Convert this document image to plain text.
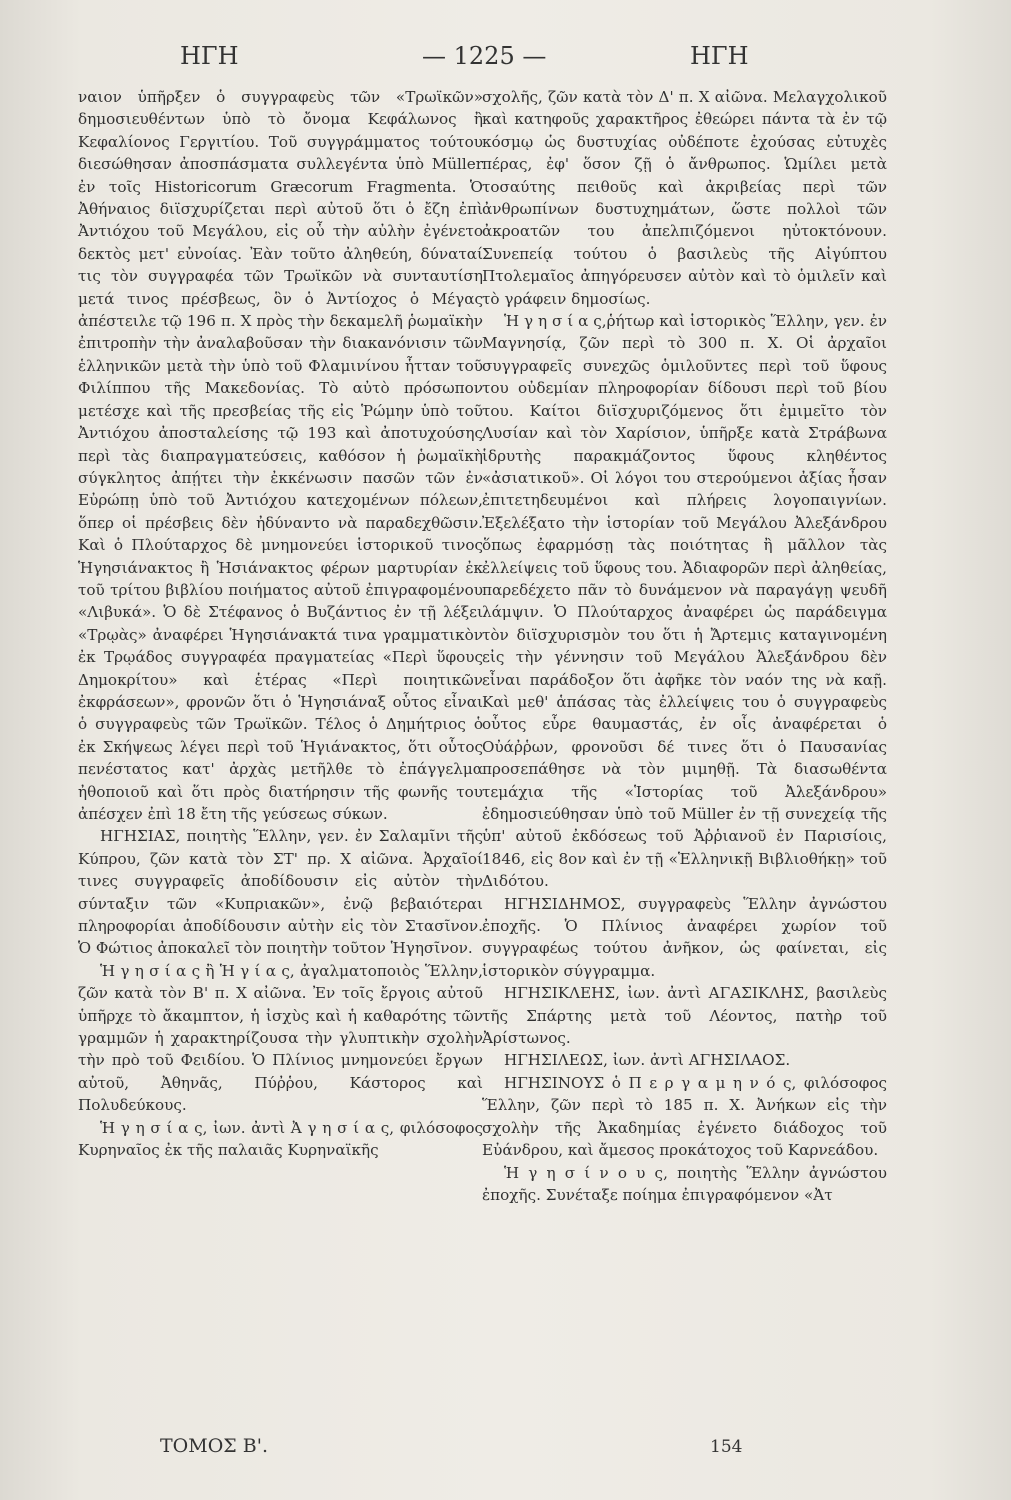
ΗΓΗ	— 1225 —	ΗΓΗ

ναιον ὑπῆρξεν ὁ συγγραφεὺς τῶν «Τρωϊκῶν» δημοσιευθέντων ὑπὸ τὸ ὄνομα Κεφάλωνος ἢ Κεφαλίονος Γεργιτίου. Τοῦ συγγράμματος τούτου διεσώθησαν ἀποσπάσματα συλλεγέντα ὑπὸ Müller ἐν τοῖς Historicorum Græcorum Fragmenta. Ὁ Ἀθήναιος διϊσχυρίζεται περὶ αὐτοῦ ὅτι ὁ ἔζη ἐπὶ Ἀντιόχου τοῦ Μεγάλου, εἰς οὗ τὴν αὐλὴν ἐγένετο δεκτὸς μετ' εὐνοίας. Ἐὰν τοῦτο ἀληθεύη, δύναταί τις τὸν συγγραφέα τῶν Τρωϊκῶν νὰ συνταυτίση μετά τινος πρέσβεως, ὃν ὁ Ἀντίοχος ὁ Μέγας ἀπέστειλε τῷ 196 π. Χ πρὸς τὴν δεκαμελῆ ῥωμαϊκὴν ἐπιτροπὴν τὴν ἀναλαβοῦσαν τὴν διακανόνισιν τῶν ἑλληνικῶν μετὰ τὴν ὑπὸ τοῦ Φλαμινίνου ἧτταν τοῦ Φιλίππου τῆς Μακεδονίας. Τὸ αὐτὸ πρόσωπον μετέσχε καὶ τῆς πρεσβείας τῆς εἰς Ῥώμην ὑπὸ τοῦ Ἀντιόχου ἀποσταλείσης τῷ 193 καὶ ἀποτυχούσης περὶ τὰς διαπραγματεύσεις, καθόσον ἡ ῥωμαϊκὴ σύγκλητος ἀπῄτει τὴν ἐκκένωσιν πασῶν τῶν ἐν Εὐρώπῃ ὑπὸ τοῦ Ἀντιόχου κατεχομένων πόλεων, ὅπερ οἱ πρέσβεις δὲν ἠδύναντο νὰ παραδεχθῶσιν. Καὶ ὁ Πλούταρχος δὲ μνημονεύει ἱστορικοῦ τινος Ἡγησιάνακτος ἢ Ἡσιάνακτος φέρων μαρτυρίαν ἐκ τοῦ τρίτου βιβλίου ποιήματος αὐτοῦ ἐπιγραφομένου «Λιβυκά». Ὁ δὲ Στέφανος ὁ Βυζάντιος ἐν τῇ λέξει «Τρῳὰς» ἀναφέρει Ἡγησιάνακτά τινα γραμματικὸν ἐκ Τρῳάδος συγγραφέα πραγματείας «Περὶ ὕφους Δημοκρίτου» καὶ ἑτέρας «Περὶ ποιητικῶν ἐκφράσεων», φρονῶν ὅτι ὁ Ἡγησιάναξ οὗτος εἶναι ὁ συγγραφεὺς τῶν Τρωϊκῶν. Τέλος ὁ Δημήτριος ὁ ἐκ Σκήψεως λέγει περὶ τοῦ Ἡγιάνακτος, ὅτι οὗτος πενέστατος κατ' ἀρχὰς μετῆλθε τὸ ἐπάγγελμα ἠθοποιοῦ καὶ ὅτι πρὸς διατήρησιν τῆς φωνῆς του ἀπέσχεν ἐπὶ 18 ἔτη τῆς γεύσεως σύκων.

ΗΓΗΣΙΑΣ, ποιητὴς Ἕλλην, γεν. ἐν Σαλαμῖνι τῆς Κύπρου, ζῶν κατὰ τὸν ΣΤ' πρ. Χ αἰῶνα. Ἀρχαῖοί τινες συγγραφεῖς ἀποδίδουσιν εἰς αὐτὸν τὴν σύνταξιν τῶν «Κυπριακῶν», ἐνῷ βεβαιότεραι πληροφορίαι ἀποδίδουσιν αὐτὴν εἰς τὸν Στασῖνον. Ὁ Φώτιος ἀποκαλεῖ τὸν ποιητὴν τοῦτον Ἡγησῖνον.

Ἡ γ η σ ί α ς ἢ Ἡ γ ί α ς, ἀγαλματοποιὸς Ἕλλην, ζῶν κατὰ τὸν Β' π. Χ αἰῶνα. Ἐν τοῖς ἔργοις αὐτοῦ ὑπῆρχε τὸ ἄκαμπτον, ἡ ἰσχὺς καὶ ἡ καθαρότης τῶν γραμμῶν ἡ χαρακτηρίζουσα τὴν γλυπτικὴν σχολὴν τὴν πρὸ τοῦ Φειδίου. Ὁ Πλίνιος μνημονεύει ἔργων αὐτοῦ, Ἀθηνᾶς, Πύῤῥου, Κάστορος καὶ Πολυδεύκους.

Ἡ γ η σ ί α ς, ἰων. ἀντὶ Ἀ γ η σ ί α ς, φιλόσοφος Κυρηναῖος ἐκ τῆς παλαιᾶς Κυρηναϊκῆς

σχολῆς, ζῶν κατὰ τὸν Δ' π. Χ αἰῶνα. Μελαγχολικοῦ καὶ κατηφοῦς χαρακτῆρος ἐθεώρει πάντα τὰ ἐν τῷ κόσμῳ ὡς δυστυχίας οὐδέποτε ἐχούσας εὐτυχὲς πέρας, ἐφ' ὅσον ζῇ ὁ ἄνθρωπος. Ὡμίλει μετὰ τοσαύτης πειθοῦς καὶ ἀκριβείας περὶ τῶν ἀνθρωπίνων δυστυχημάτων, ὥστε πολλοὶ τῶν ἀκροατῶν του ἀπελπιζόμενοι ηὐτοκτόνουν. Συνεπείᾳ τούτου ὁ βασιλεὺς τῆς Αἰγύπτου Πτολεμαῖος ἀπηγόρευσεν αὐτὸν καὶ τὸ ὁμιλεῖν καὶ τὸ γράφειν δημοσίως.

Ἡ γ η σ ί α ς,ῥήτωρ καὶ ἱστορικὸς Ἕλλην, γεν. ἐν Μαγνησίᾳ, ζῶν περὶ τὸ 300 π. Χ. Οἱ ἀρχαῖοι συγγραφεῖς συνεχῶς ὁμιλοῦντες περὶ τοῦ ὕφους του οὐδεμίαν πληροφορίαν δίδουσι περὶ τοῦ βίου του. Καίτοι διϊσχυριζόμενος ὅτι ἐμιμεῖτο τὸν Λυσίαν καὶ τὸν Χαρίσιον, ὑπῆρξε κατὰ Στράβωνα ἱδρυτὴς παρακμάζοντος ὕφους κληθέντος «ἀσιατικοῦ». Οἱ λόγοι του στερούμενοι ἀξίας ἦσαν ἐπιτετηδευμένοι καὶ πλήρεις λογοπαιγνίων. Ἐξελέξατο τὴν ἱστορίαν τοῦ Μεγάλου Ἀλεξάνδρου ὅπως ἐφαρμόσῃ τὰς ποιότητας ἢ μᾶλλον τὰς ἐλλείψεις τοῦ ὕφους του. Ἀδιαφορῶν περὶ ἀληθείας, παρεδέχετο πᾶν τὸ δυνάμενον νὰ παραγάγῃ ψευδῆ λάμψιν. Ὁ Πλούταρχος ἀναφέρει ὡς παράδειγμα τὸν διϊσχυρισμὸν του ὅτι ἡ Ἄρτεμις καταγινομένη εἰς τὴν γέννησιν τοῦ Μεγάλου Ἀλεξάνδρου δὲν εἶναι παράδοξον ὅτι ἀφῆκε τὸν ναόν της νὰ καῇ. Καὶ μεθ' ἁπάσας τὰς ἐλλείψεις του ὁ συγγραφεὺς οὗτος εὗρε θαυμαστάς, ἐν οἷς ἀναφέρεται ὁ Οὐάῤῥων, φρονοῦσι δέ τινες ὅτι ὁ Παυσανίας προσεπάθησε νὰ τὸν μιμηθῇ. Τὰ διασωθέντα τεμάχια τῆς «Ἱστορίας τοῦ Ἀλεξάνδρου» ἐδημοσιεύθησαν ὑπὸ τοῦ Müller ἐν τῇ συνεχείᾳ τῆς ὑπ' αὐτοῦ ἐκδόσεως τοῦ Ἀῤῥιανοῦ ἐν Παρισίοις, 1846, εἰς 8ον καὶ ἐν τῇ «Ἑλληνικῇ Βιβλιοθήκῃ» τοῦ Διδότου.

ΗΓΗΣΙΔΗΜΟΣ, συγγραφεὺς Ἕλλην ἀγνώστου ἐποχῆς. Ὁ Πλίνιος ἀναφέρει χωρίον τοῦ συγγραφέως τούτου ἀνῆκον, ὡς φαίνεται, εἰς ἱστορικὸν σύγγραμμα.

ΗΓΗΣΙΚΛΕΗΣ, ἰων. ἀντὶ ΑΓΑΣΙΚΛΗΣ, βασιλεὺς τῆς Σπάρτης μετὰ τοῦ Λέοντος, πατὴρ τοῦ Ἀρίστωνος.

ΗΓΗΣΙΛΕΩΣ, ἰων. ἀντὶ ΑΓΗΣΙΛΑΟΣ.

ΗΓΗΣΙΝΟΥΣ ὁ Π ε ρ γ α μ η ν ό ς, φιλόσοφος Ἕλλην, ζῶν περὶ τὸ 185 π. Χ. Ἀνήκων εἰς τὴν σχολὴν τῆς Ἀκαδημίας ἐγένετο διάδοχος τοῦ Εὐάνδρου, καὶ ἄμεσος προκάτοχος τοῦ Καρνεάδου.

Ἡ γ η σ ί ν ο υ ς, ποιητὴς Ἕλλην ἀγνώστου ἐποχῆς. Συνέταξε ποίημα ἐπιγραφόμενον «Ἀτ

ΤΟΜΟΣ Β'.	154
